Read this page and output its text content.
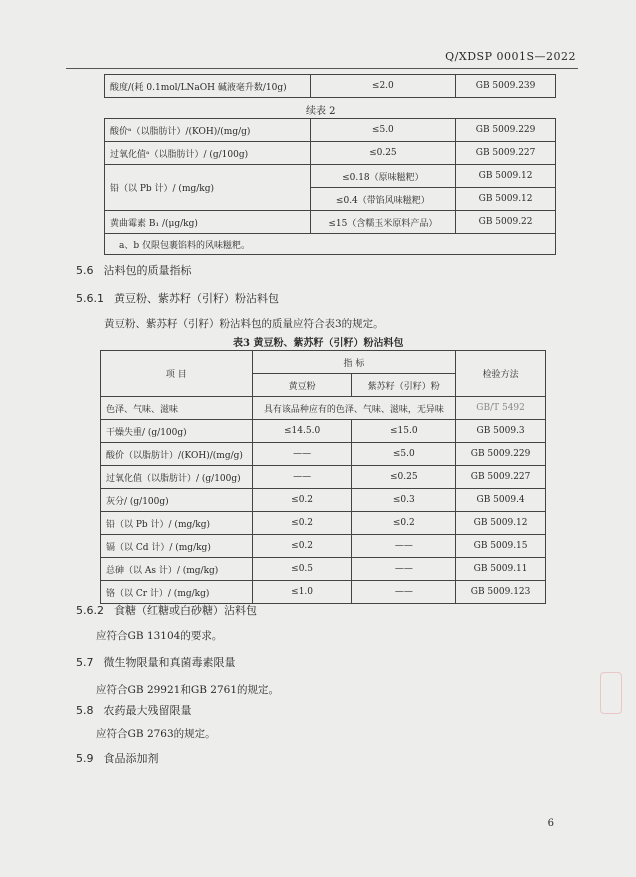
Q/XDSP 0001S—2022
酸度/(耗 0.1mol/LNaOH 碱液毫升数/10g)	≤2.0	GB 5009.239
续表 2
酸价ᵃ（以脂肪计）/(KOH)/(mg/g)	≤5.0	GB 5009.229
过氧化值ᵃ（以脂肪计）/ (g/100g)	≤0.25	GB 5009.227
铅（以 Pb 计）/ (mg/kg)	≤0.18（原味糍粑）	GB 5009.12
	≤0.4（带馅风味糍粑）	GB 5009.12
黄曲霉素 B₁ /(μg/kg)	≤15（含糯玉米原料产品）	GB 5009.22
a、b 仅限包裹馅料的风味糍粑。		
5.6 沾料包的质量指标
5.6.1 黄豆粉、紫苏籽（引籽）粉沾料包
黄豆粉、紫苏籽（引籽）粉沾料包的质量应符合表3的规定。
表3 黄豆粉、紫苏籽（引籽）粉沾料包
项 目	指 标		检验方法
	黄豆粉	紫苏籽（引籽）粉	
色泽、气味、滋味	具有该品种应有的色泽、气味、滋味，无异味		GB/T 5492
干燥失重/ (g/100g)	≤14.5.0	≤15.0	GB 5009.3
酸价（以脂肪计）/(KOH)/(mg/g)	——	≤5.0	GB 5009.229
过氧化值（以脂肪计）/ (g/100g)	——	≤0.25	GB 5009.227
灰分/ (g/100g)	≤0.2	≤0.3	GB 5009.4
铅（以 Pb 计）/ (mg/kg)	≤0.2	≤0.2	GB 5009.12
镉（以 Cd 计）/ (mg/kg)	≤0.2	——	GB 5009.15
总砷（以 As 计）/ (mg/kg)	≤0.5	——	GB 5009.11
铬（以 Cr 计）/ (mg/kg)	≤1.0	——	GB 5009.123
5.6.2 食糖（红糖或白砂糖）沾料包
应符合GB 13104的要求。
5.7 微生物限量和真菌毒素限量
应符合GB 29921和GB 2761的规定。
5.8 农药最大残留限量
应符合GB 2763的规定。
5.9 食品添加剂
6
